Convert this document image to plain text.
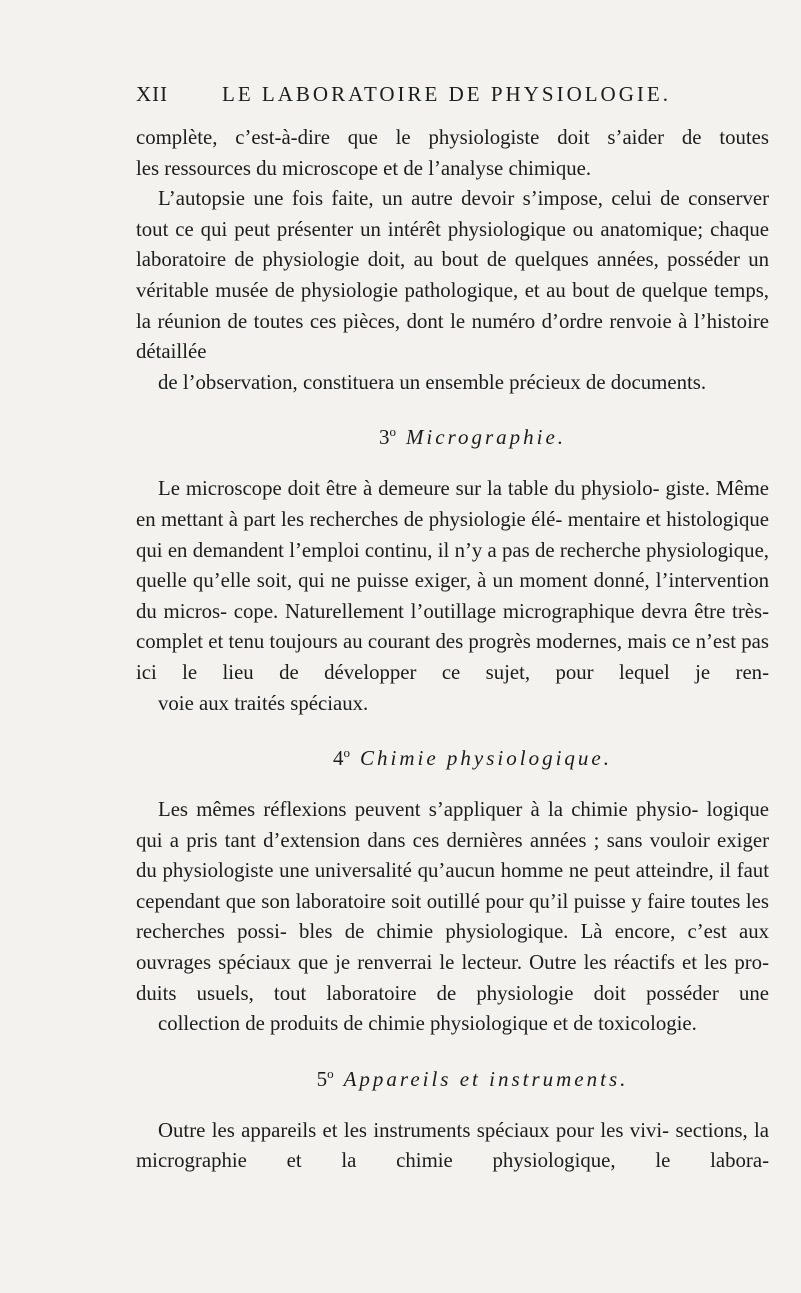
XII	LE LABORATOIRE DE PHYSIOLOGIE.

complète, c’est-à-dire que le physiologiste doit s’aider de toutes
les ressources du microscope et de l’analyse chimique.

L’autopsie une fois faite, un autre devoir s’impose, celui de conserver tout ce qui peut présenter un intérêt physiologique ou anatomique; chaque laboratoire de physiologie doit, au bout de quelques années, posséder un véritable musée de physiologie pathologique, et au bout de quelque temps, la réunion de toutes ces pièces, dont le numéro d’ordre renvoie à l’histoire détaillée
de l’observation, constituera un ensemble précieux de documents.

3$^o$ Micrographie.

Le microscope doit être à demeure sur la table du physiolo- giste. Même en mettant à part les recherches de physiologie élé- mentaire et histologique qui en demandent l’emploi continu, il n’y a pas de recherche physiologique, quelle qu’elle soit, qui ne puisse exiger, à un moment donné, l’intervention du micros- cope. Naturellement l’outillage micrographique devra être très- complet et tenu toujours au courant des progrès modernes, mais ce n’est pas ici le lieu de développer ce sujet, pour lequel je ren-
voie aux traités spéciaux.

4$^o$ Chimie physiologique.

Les mêmes réflexions peuvent s’appliquer à la chimie physio- logique qui a pris tant d’extension dans ces dernières années ; sans vouloir exiger du physiologiste une universalité qu’aucun homme ne peut atteindre, il faut cependant que son laboratoire soit outillé pour qu’il puisse y faire toutes les recherches possi- bles de chimie physiologique. Là encore, c’est aux ouvrages spéciaux que je renverrai le lecteur. Outre les réactifs et les pro- duits usuels, tout laboratoire de physiologie doit posséder une
collection de produits de chimie physiologique et de toxicologie.

5$^o$ Appareils et instruments.

Outre les appareils et les instruments spéciaux pour les vivi- sections, la micrographie et la chimie physiologique, le labora-
